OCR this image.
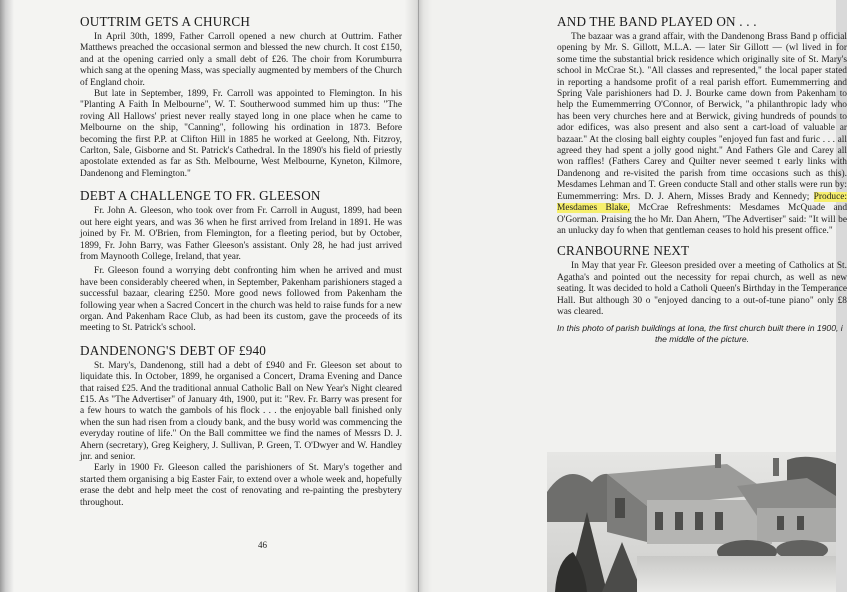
OUTTRIM GETS A CHURCH

In April 30th, 1899, Father Carroll opened a new church at Outtrim. Father Matthews preached the occasional sermon and blessed the new church. It cost £150, and at the opening carried only a small debt of £26. The choir from Korumburra which sang at the opening Mass, was specially augmented by members of the Church of England choir.

But late in September, 1899, Fr. Carroll was appointed to Flemington. In his "Planting A Faith In Melbourne", W. T. Southerwood summed him up thus: "The roving All Hallows' priest never really stayed long in one place when he came to Melbourne on the ship, "Canning", following his ordination in 1873. Before becoming the first P.P. at Clifton Hill in 1885 he worked at Geelong, Nth. Fitzroy, Carlton, Sale, Gisborne and St. Patrick's Cathedral. In the 1890's his field of priestly apostolate extended as far as Sth. Melbourne, West Melbourne, Kyneton, Kilmore, Dandenong and Flemington."

DEBT A CHALLENGE TO FR. GLEESON

Fr. John A. Gleeson, who took over from Fr. Carroll in August, 1899, had been out here eight years, and was 36 when he first arrived from Ireland in 1891. He was joined by Fr. M. O'Brien, from Flemington, for a fleeting period, but by October, 1899, Fr. John Barry, was Father Gleeson's assistant. Only 28, he had just arrived from Maynooth College, Ireland, that year.

Fr. Gleeson found a worrying debt confronting him when he arrived and must have been considerably cheered when, in September, Pakenham parishioners staged a successful bazaar, clearing £250. More good news followed from Pakenham the following year when a Sacred Concert in the church was held to raise funds for a new organ. And Pakenham Race Club, as had been its custom, gave the proceeds of its meeting to St. Patrick's school.

DANDENONG'S DEBT OF £940

St. Mary's, Dandenong, still had a debt of £940 and Fr. Gleeson set about to liquidate this. In October, 1899, he organised a Concert, Drama Evening and Dance that raised £25. And the traditional annual Catholic Ball on New Year's Night cleared £15. As "The Advertiser" of January 4th, 1900, put it: "Rev. Fr. Barry was present for a few hours to watch the gambols of his flock . . . the enjoyable ball finished only when the sun had risen from a cloudy bank, and the busy world was commencing the everyday routine of life." On the Ball committee we find the names of Messrs D. J. Ahern (secretary), Greg Keighery, J. Sullivan, P. Green, T. O'Dwyer and W. Handley jnr. and senior.

Early in 1900 Fr. Gleeson called the parishioners of St. Mary's together and started them organising a big Easter Fair, to extend over a whole week and, hopefully erase the debt and help meet the cost of renovating and re-painting the presbytery throughout.

46
AND THE BAND PLAYED ON . . .

The bazaar was a grand affair, with the Dandenong Brass Band p official opening by Mr. S. Gillott, M.L.A. — later Sir Gillott — (wl lived in for some time the substantial brick residence which originally site of St. Mary's school in McCrae St.). "All classes and represented," the local paper stated in reporting a handsome profit of a real parish effort. Eumemmerring and Spring Vale parishioners had D. J. Bourke came down from Pakenham to help the Eumemmerring O'Connor, of Berwick, "a philanthropic lady who has been very churches here and at Berwick, giving hundreds of pounds to ador edifices, was also present and also sent a cart-load of valuable ar bazaar." At the closing ball eighty couples "enjoyed fun fast and furic . . . all agreed they had spent a jolly good night." And Fathers Gle and Carey all won raffles! (Fathers Carey and Quilter never seemed t early links with Dandenong and re-visited the parish from time occasions such as this). Mesdames Lehman and T. Green conducte Stall and other stalls were run by: Eumemmerring: Mrs. D. J. Ahern, Misses Brady and Kennedy; Produce: Mesdames Blake, McCrae Refreshments: Mesdames McQuade and O'Gorman. Praising the ho Mr. Dan Ahern, "The Advertiser" said: "It will be an unlucky day fo when that gentleman ceases to hold his present office."

CRANBOURNE NEXT

In May that year Fr. Gleeson presided over a meeting of Catholics at St. Agatha's and pointed out the necessity for repai church, as well as new seating. It was decided to hold a Catholi Queen's Birthday in the Temperance Hall. But although 30 o "enjoyed dancing to a out-of-tune piano" only £8 was cleared.

In this photo of parish buildings at Iona, the first church built there in 1900, i
the middle of the picture.
